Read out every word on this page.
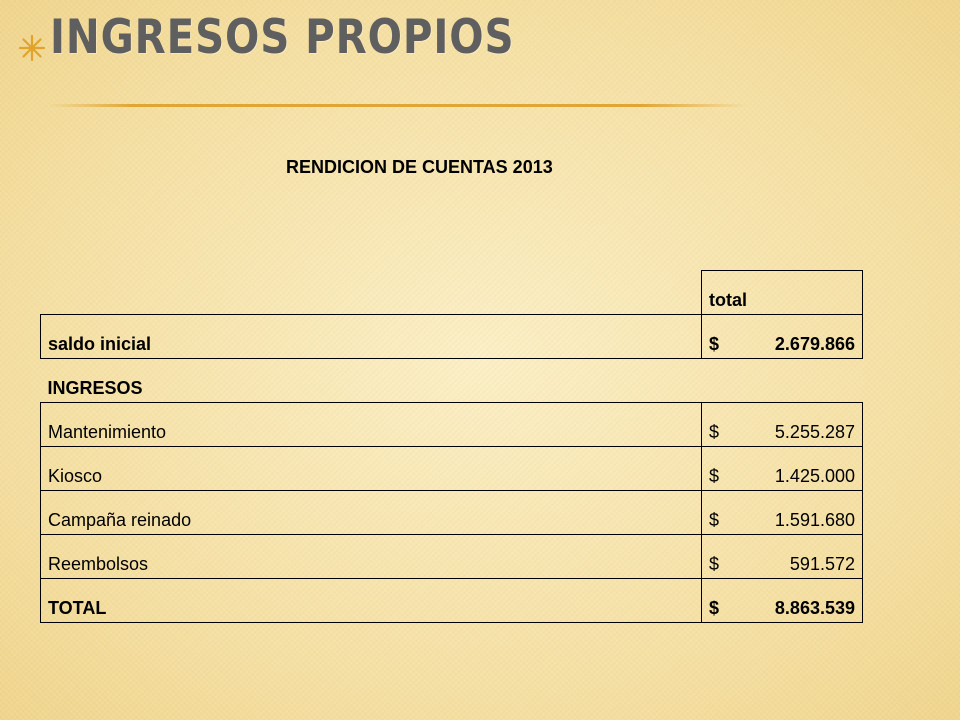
INGRESOS PROPIOS
RENDICION DE CUENTAS 2013
	total
saldo inicial	$ 2.679.866

INGRESOS	
Mantenimiento	$ 5.255.287

Kiosco	$ 1.425.000

Campaña reinado	$ 1.591.680

Reembolsos	$ 591.572

TOTAL	$ 8.863.539
